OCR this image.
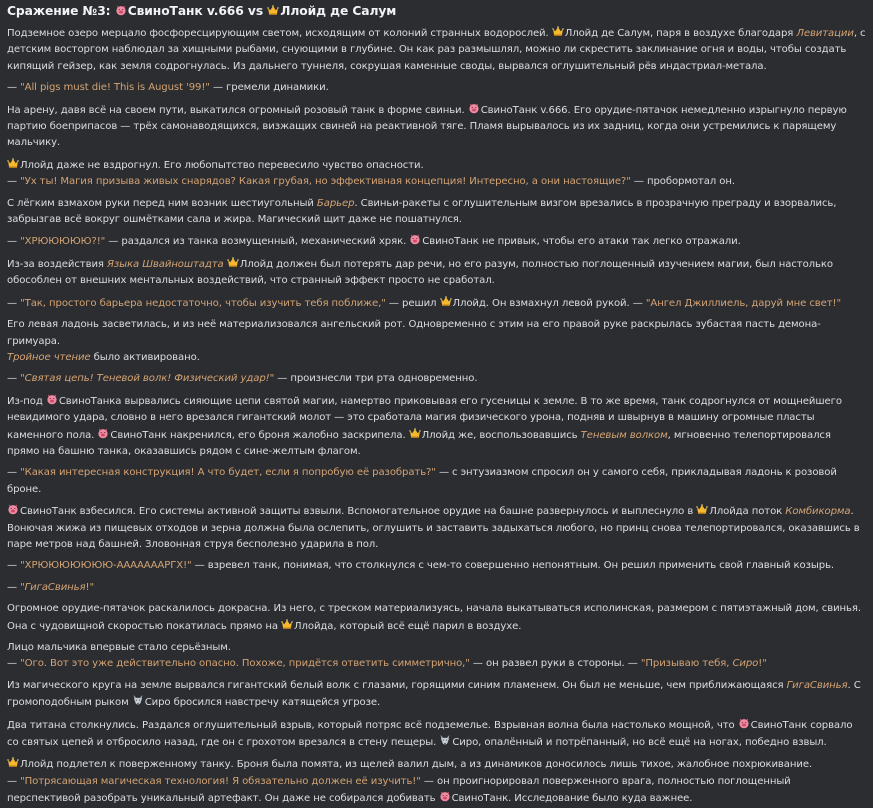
Сражение №3:
СвиноТанк v.666 vs
Ллойд де Салум

Подземное озеро мерцало фосфоресцирующим светом, исходящим от колоний странных водорослей.
Ллойд де Салум, паря в воздухе благодаря Левитации, с детским восторгом наблюдал за хищными рыбами, снующими в глубине. Он как раз размышлял, можно ли скрестить заклинание огня и воды, чтобы создать кипящий гейзер, как земля содрогнулась. Из дальнего туннеля, сокрушая каменные своды, вырвался оглушительный рёв индастриал-метала.

— "All pigs must die! This is August '99!" — гремели динамики.

На арену, давя всё на своем пути, выкатился огромный розовый танк в форме свиньи.
СвиноТанк v.666. Его орудие-пятачок немедленно изрыгнуло первую партию боеприпасов — трёх самонаводящихся, визжащих свиней на реактивной тяге. Пламя вырывалось из их задниц, когда они устремились к парящему мальчику.

Ллойд даже не вздрогнул. Его любопытство перевесило чувство опасности.
— "Ух ты! Магия призыва живых снарядов? Какая грубая, но эффективная концепция! Интересно, а они настоящие?" — пробормотал он.

С лёгким взмахом руки перед ним возник шестиугольный Барьер. Свиньи-ракеты с оглушительным визгом врезались в прозрачную преграду и взорвались, забрызгав всё вокруг ошмётками сала и жира. Магический щит даже не пошатнулся.

— "ХРЮЮЮЮЮ?!" — раздался из танка возмущенный, механический хряк.
СвиноТанк не привык, чтобы его атаки так легко отражали.

Из-за воздействия Языка Швайноштадта Ллойд должен был потерять дар речи, но его разум, полностью поглощенный изучением магии, был настолько обособлен от внешних ментальных воздействий, что странный эффект просто не сработал.

— "Так, простого барьера недостаточно, чтобы изучить тебя поближе," — решил
Ллойд. Он взмахнул левой рукой. — "Ангел Джиллиель, даруй мне свет!"

Его левая ладонь засветилась, и из неё материализовался ангельский рот. Одновременно с этим на его правой руке раскрылась зубастая пасть демона-гримуара.
Тройное чтение было активировано.

— "Святая цепь! Теневой волк! Физический удар!" — произнесли три рта одновременно.

Из-под
СвиноТанка вырвались сияющие цепи святой магии, намертво приковывая его гусеницы к земле. В то же время, танк содрогнулся от мощнейшего невидимого удара, словно в него врезался гигантский молот — это сработала магия физического урона, подняв и швырнув в машину огромные пласты каменного пола.
СвиноТанк накренился, его броня жалобно заскрипела.
Ллойд же, воспользовавшись Теневым волком, мгновенно телепортировался прямо на башню танка, оказавшись рядом с сине-желтым флагом.

— "Какая интересная конструкция! А что будет, если я попробую её разобрать?" — с энтузиазмом спросил он у самого себя, прикладывая ладонь к розовой броне.

СвиноТанк взбесился. Его системы активной защиты взвыли. Вспомогательное орудие на башне развернулось и выплеснуло в
Ллойда поток Комбикорма. Вонючая жижа из пищевых отходов и зерна должна была ослепить, оглушить и заставить задыхаться любого, но принц снова телепортировался, оказавшись в паре метров над башней. Зловонная струя бесполезно ударила в пол.

— "ХРЮЮЮЮЮЮЮ-АААААААРГХ!" — взревел танк, понимая, что столкнулся с чем-то совершенно непонятным. Он решил применить свой главный козырь.

— "ГигаСвинья!"

Огромное орудие-пятачок раскалилось докрасна. Из него, с треском материализуясь, начала выкатываться исполинская, размером с пятиэтажный дом, свинья. Она с чудовищной скоростью покатилась прямо на
Ллойда, который всё ещё парил в воздухе.

Лицо мальчика впервые стало серьёзным.
— "Ого. Вот это уже действительно опасно. Похоже, придётся ответить симметрично," — он развел руки в стороны. — "Призываю тебя, Сиро!"

Из магического круга на земле вырвался гигантский белый волк с глазами, горящими синим пламенем. Он был не меньше, чем приближающаяся ГигаСвинья. С громоподобным рыком
Сиро бросился навстречу катящейся угрозе.

Два титана столкнулись. Раздался оглушительный взрыв, который потряс всё подземелье. Взрывная волна была настолько мощной, что
СвиноТанк сорвало со святых цепей и отбросило назад, где он с грохотом врезался в стену пещеры.
Сиро, опалённый и потрёпанный, но всё ещё на ногах, победно взвыл.

Ллойд подлетел к поверженному танку. Броня была помята, из щелей валил дым, а из динамиков доносилось лишь тихое, жалобное похрюкивание.
— "Потрясающая магическая технология! Я обязательно должен её изучить!" — он проигнорировал поверженного врага, полностью поглощенный перспективой разобрать уникальный артефакт. Он даже не собирался добивать
СвиноТанк. Исследование было куда важнее.
